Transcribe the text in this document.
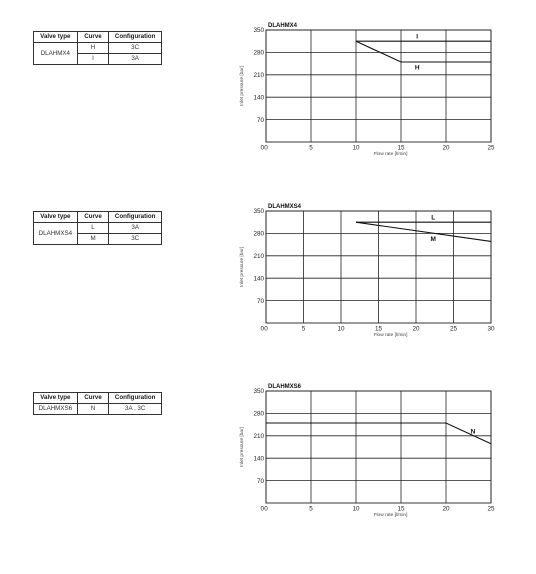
Valve type	Curve	Configuration
DLAHMX4	H	3C
	I	3A
Valve type	Curve	Configuration
DLAHMXS4	L	3A
	M	3C
Valve type	Curve	Configuration
DLAHMXS6	N	3A , 3C
70
140
210
280
350
0	5	10	15	20	25
0
DLAHMX4
Flow rate [l/min]
Inlet pressure [bar]
I
H
70
140
210
280
350
0	5	10	15	20	25	30
0
DLAHMXS4
Flow rate [l/min]
Inlet pressure [bar]
L
M
70
140
210
280
350
0	5	10	15	20	25
0
DLAHMXS6
Flow rate [l/min]
Inlet pressure [bar]	N
